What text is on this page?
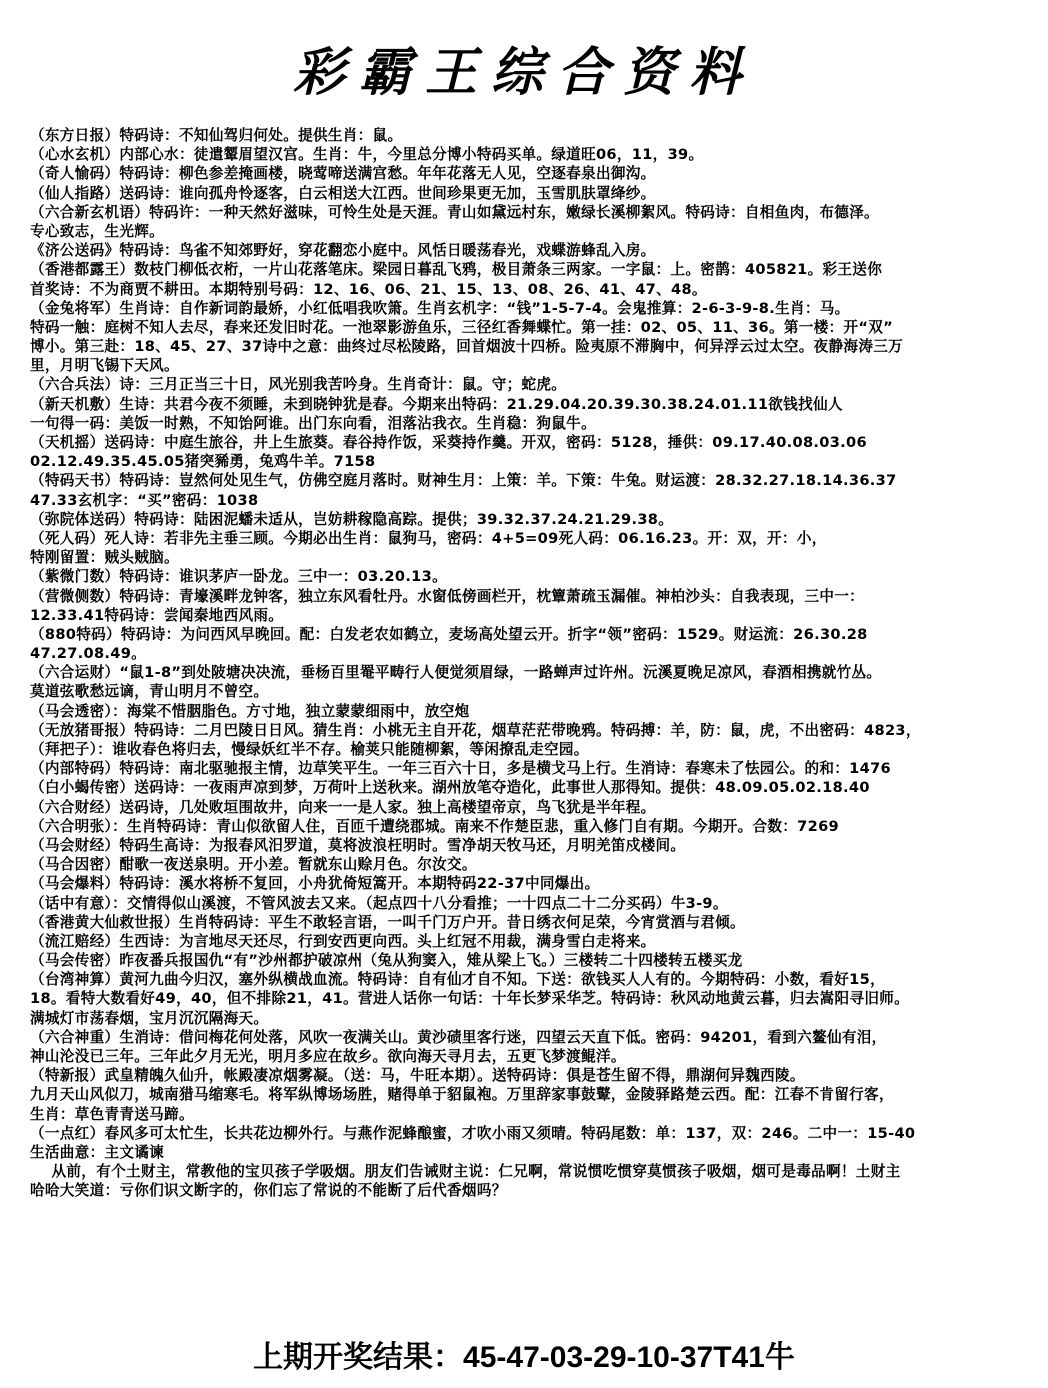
彩霸王综合资料
（东方日报）特码诗：不知仙驾归何处。提供生肖：鼠。
（心水玄机）内部心水：徒遣颦眉望汉宫。生肖：牛，今里总分博小特码买单。绿道旺06，11，39。
（奇人愉码）特码诗：柳色参差掩画楼，晓莺啼送满宫愁。年年花落无人见，空逐春泉出御沟。
（仙人指路）送码诗：谁向孤舟怜逐客，白云相送大江西。世间珍果更无加，玉雪肌肤罩绛纱。
（六合新玄机语）特码许：一种天然好滋味，可怜生处是天涯。青山如黛远村东，嫩绿长溪柳絮风。特码诗：自相鱼肉，布德泽。
专心致志，生光辉。
《济公送码》特码诗：鸟雀不知郊野好，穿花翻恋小庭中。风恬日暖荡春光，戏蝶游蜂乱入房。
（香港都露王）数枝门柳低衣桁，一片山花落笔床。梁园日暮乱飞鸦，极目萧条三两家。一字鼠：上。密鹊：405821。彩王送你
首奖诗：不为商贾不耕田。本期特别号码：12、16、06、21、15、13、08、26、41、47、48。
（金兔将军）生肖诗：自作新词韵最娇，小红低唱我吹箫。生肖玄机字：“钱”1-5-7-4。会鬼推算：2-6-3-9-8.生肖：马。
特码一触：庭树不知人去尽，春来还发旧时花。一池翠影游鱼乐，三径红香舞蝶忙。第一挂：02、05、11、36。第一楼：开“双”
博小。第三赴：18、45、27、37诗中之意：曲终过尽松陵路，回首烟波十四桥。险夷原不滞胸中，何异浮云过太空。夜静海涛三万
里，月明飞锡下天风。
（六合兵法）诗：三月正当三十日，风光别我苦吟身。生肖奇计：鼠。守；蛇虎。
（新天机敷）生诗：共君今夜不须睡，未到晓钟犹是春。今期来出特码：21.29.04.20.39.30.38.24.01.11欲钱找仙人
一句得一码：美饭一时熟，不知饴阿谁。出门东向看，泪落沾我衣。生肖稳：狗鼠牛。
（天机摇）送码诗：中庭生旅谷，井上生旅葵。春谷持作饭，采葵持作羹。开双，密码：5128，捶供：09.17.40.08.03.06
02.12.49.35.45.05猪突豨勇，兔鸡牛羊。7158
（特码天书）特码诗：豈然何处见生气，仿佛空庭月落时。财神生月：上策：羊。下策：牛兔。财运渡：28.32.27.18.14.36.37
47.33玄机字：“买”密码：1038
（弥院体送码）特码诗：陆困泥蟠未适从，岂妨耕稼隐高踪。提供；39.32.37.24.21.29.38。
（死人码）死人诗：若非先主垂三顾。今期必出生肖：鼠狗马，密码：4+5=09死人码：06.16.23。开：双，开：小，
特刚留置：贼头贼脑。
（紫微门数）特码诗：谁识茅庐一卧龙。三中一：03.20.13。
（营微侧数）特码诗：青壕溪畔龙钟客，独立东风看牡丹。水窗低傍画栏开，枕簟萧疏玉漏催。神柏沙头：自我表现，三中一：
12.33.41特码诗：尝闻秦地西风雨。
（880特码）特码诗：为问西风早晚回。配：白发老农如鹤立，麦场高处望云开。折字“领”密码：1529。财运流：26.30.28
47.27.08.49。
（六合运财）“鼠1-8”到处陂塘决决流，垂杨百里罨平畴行人便觉须眉绿，一路蝉声过许州。沅溪夏晚足凉风，春酒相携就竹丛。
莫道弦歌愁远谪，青山明月不曾空。
（马会透密）：海棠不惜胭脂色。方寸地，独立蒙蒙细雨中，放空炮
（无放猪哥报）特码诗：二月巴陵日日风。猜生肖：小桃无主自开花，烟草茫茫带晚鸦。特码搏：羊，防：鼠，虎，不出密码：4823，
（拜把子）：谁收春色将归去，慢绿妖红半不存。榆荚只能随柳絮，等闲撩乱走空园。
（内部特码）特码诗：南北驱驰报主情，边草笑平生。一年三百六十日，多是横戈马上行。生消诗：春寒未了怯园公。的和：1476
（白小蝎传密）送码诗：一夜雨声凉到梦，万荷叶上送秋来。湖州放笔夺造化，此事世人那得知。提供：48.09.05.02.18.40
（六合财经）送码诗，几处败垣围故井，向来一一是人家。独上高楼望帝京，鸟飞犹是半年程。
（六合明张）：生肖特码诗：青山似欲留人住，百匝千遭绕郡城。南来不作楚臣悲，重入修门自有期。今期开。合数：7269
（马会财经）特码生高诗：为报春风汨罗道，莫将波浪枉明时。雪净胡天牧马还，月明羌笛戍楼间。
（马合因密）酣歌一夜送泉明。开小差。暂就东山赊月色。尔汝交。
（马会爆料）特码诗：溪水将桥不复回，小舟犹倚短篙开。本期特码22-37中同爆出。
（话中有意）：交情得似山溪渡，不管风波去又来。（起点四十八分看推；一十四点二十二分买码）牛3-9。
（香港黄大仙救世报）生肖特码诗：平生不敢轻言语，一叫千门万户开。昔日绣衣何足荣，今宵赏酒与君倾。
（流江赔经）生西诗：为言地尽天还尽，行到安西更向西。头上红冠不用裁，满身雪白走将来。
（马会传密）昨夜番兵报国仇“有”沙州都护破凉州（兔从狗窦入，雉从梁上飞。）三楼转二十四楼转五楼买龙
（台湾神算）黄河九曲今归汉，塞外纵横战血流。特码诗：自有仙才自不知。下送：欲钱买人人有的。今期特码：小数，看好15，
18。看特大数看好49，40，但不排除21，41。营进人话你一句话：十年长梦采华芝。特码诗：秋风动地黄云暮，归去嵩阳寻旧师。
满城灯市荡春烟，宝月沉沉隔海天。
（六合神重）生消诗：借问梅花何处落，风吹一夜满关山。黄沙碛里客行迷，四望云天直下低。密码：94201，看到六鳌仙有泪，
神山沦没已三年。三年此夕月无光，明月多应在故乡。欲向海天寻月去，五更飞梦渡鲲洋。
（特新报）武皇精魄久仙升，帐殿凄凉烟雾凝。（送：马，牛旺本期）。送特码诗：俱是苍生留不得，鼎湖何异魏西陵。
九月天山风似刀，城南猎马缩寒毛。将军纵博场场胜，赌得单于貂鼠袍。万里辞家事鼓鼙，金陵驿路楚云西。配：江春不肯留行客，
生肖：草色青青送马蹄。
（一点红）春风多可太忙生，长共花边柳外行。与燕作泥蜂酿蜜，才吹小雨又须晴。特码尾数：单：137，双：246。二中一：15-40
生活曲意：主文谲谏
从前，有个土财主，常教他的宝贝孩子学吸烟。朋友们告诫财主说：仁兄啊，常说惯吃惯穿莫惯孩子吸烟，烟可是毒品啊！土财主
哈哈大笑道：亏你们识文断字的，你们忘了常说的不能断了后代香烟吗？
上期开奖结果：45-47-03-29-10-37T41牛
